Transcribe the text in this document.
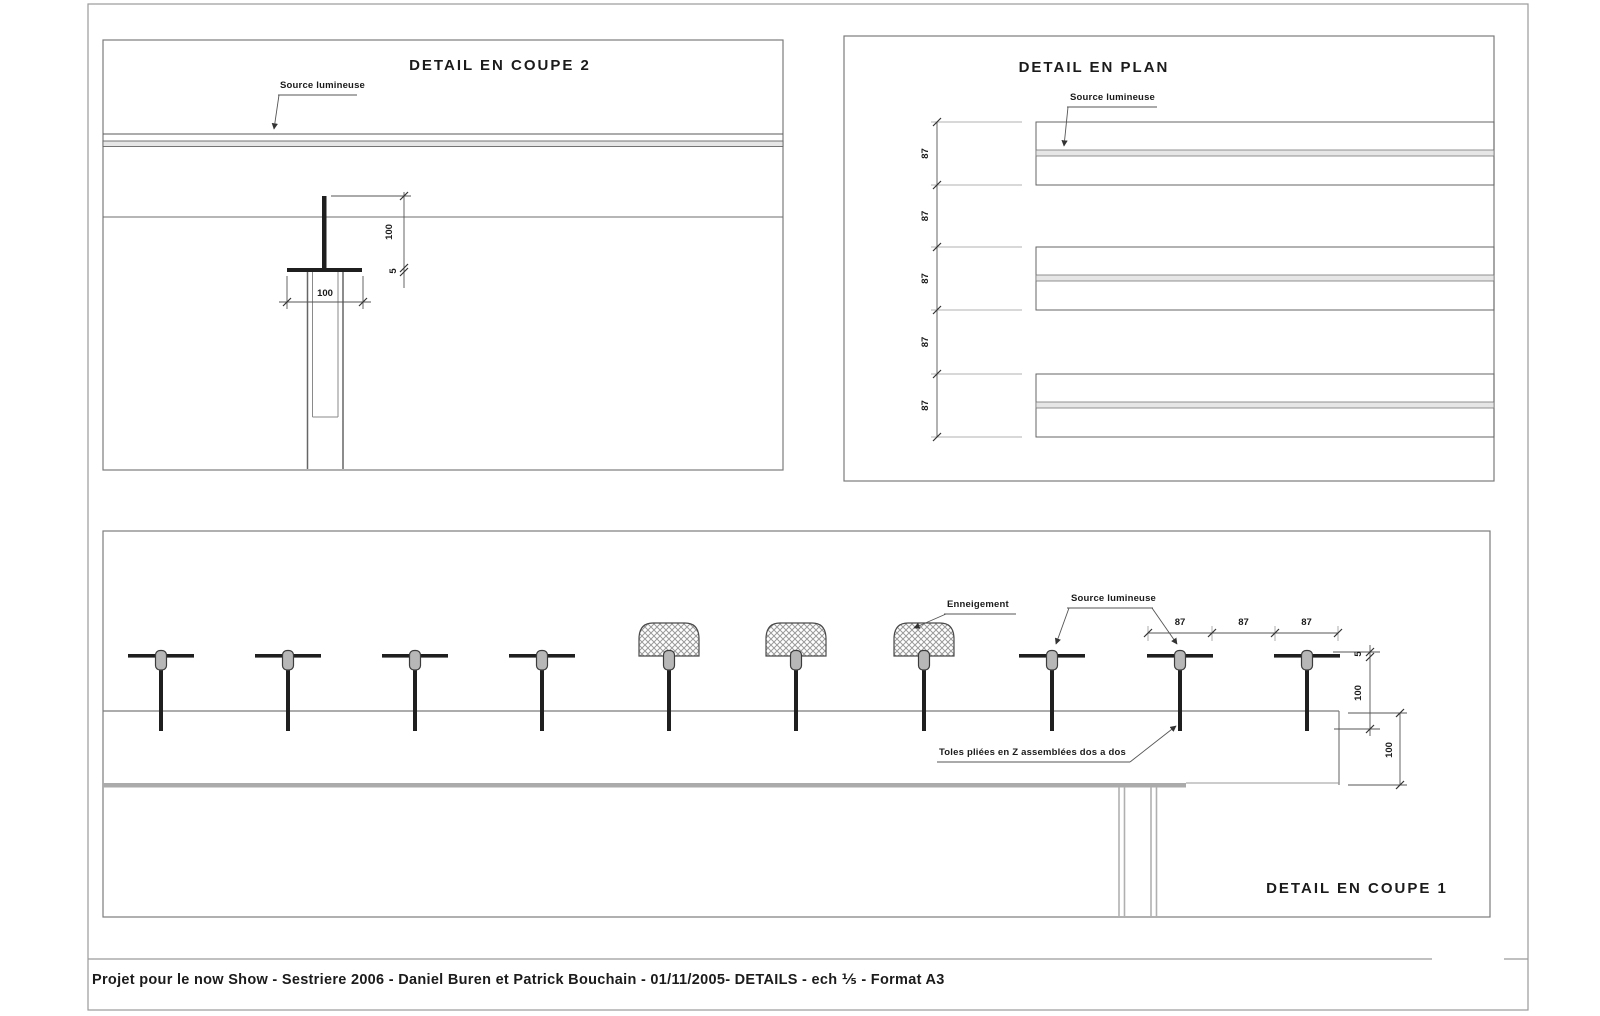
100
5
100
87
87
87
87
87
87	87	87
5
100
100
DETAIL EN COUPE 2
Source lumineuse
DETAIL EN PLAN
Source lumineuse
DETAIL EN COUPE 1
Enneigement
Source lumineuse
Toles pliées en Z assemblées dos a dos
Projet pour le now Show - Sestriere 2006 - Daniel Buren et Patrick Bouchain - 01/11/2005- DETAILS - ech ⅕ - Format A3
